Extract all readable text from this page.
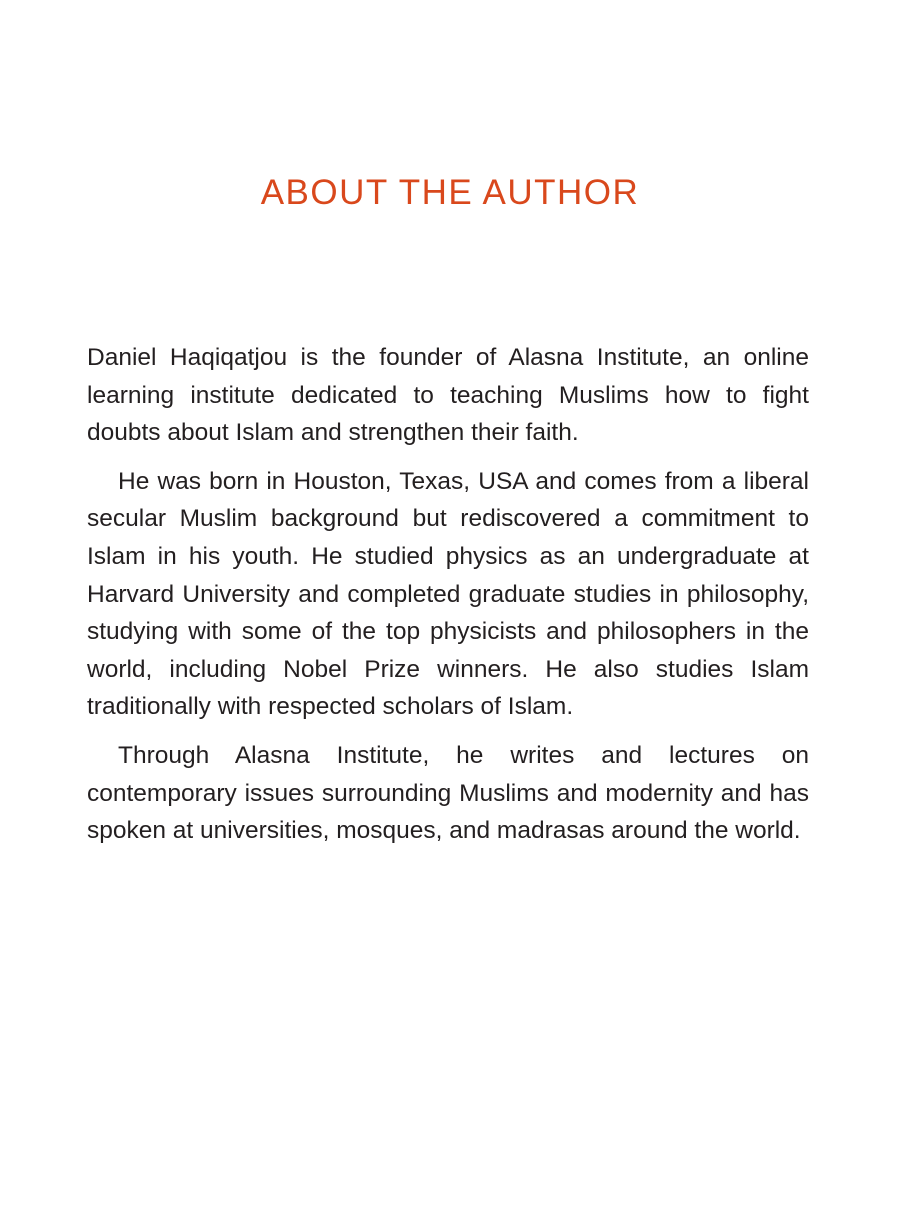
ABOUT THE AUTHOR

Daniel Haqiqatjou is the founder of Alasna Institute, an online learning institute dedicated to teaching Muslims how to fight doubts about Islam and strengthen their faith.

He was born in Houston, Texas, USA and comes from a liberal secular Muslim background but rediscovered a commitment to Islam in his youth. He studied physics as an undergraduate at Harvard University and completed graduate studies in philosophy, studying with some of the top physicists and philosophers in the world, including Nobel Prize winners. He also studies Islam traditionally with respected scholars of Islam.

Through Alasna Institute, he writes and lectures on contemporary issues surrounding Muslims and modernity and has spoken at universities, mosques, and madrasas around the world.
